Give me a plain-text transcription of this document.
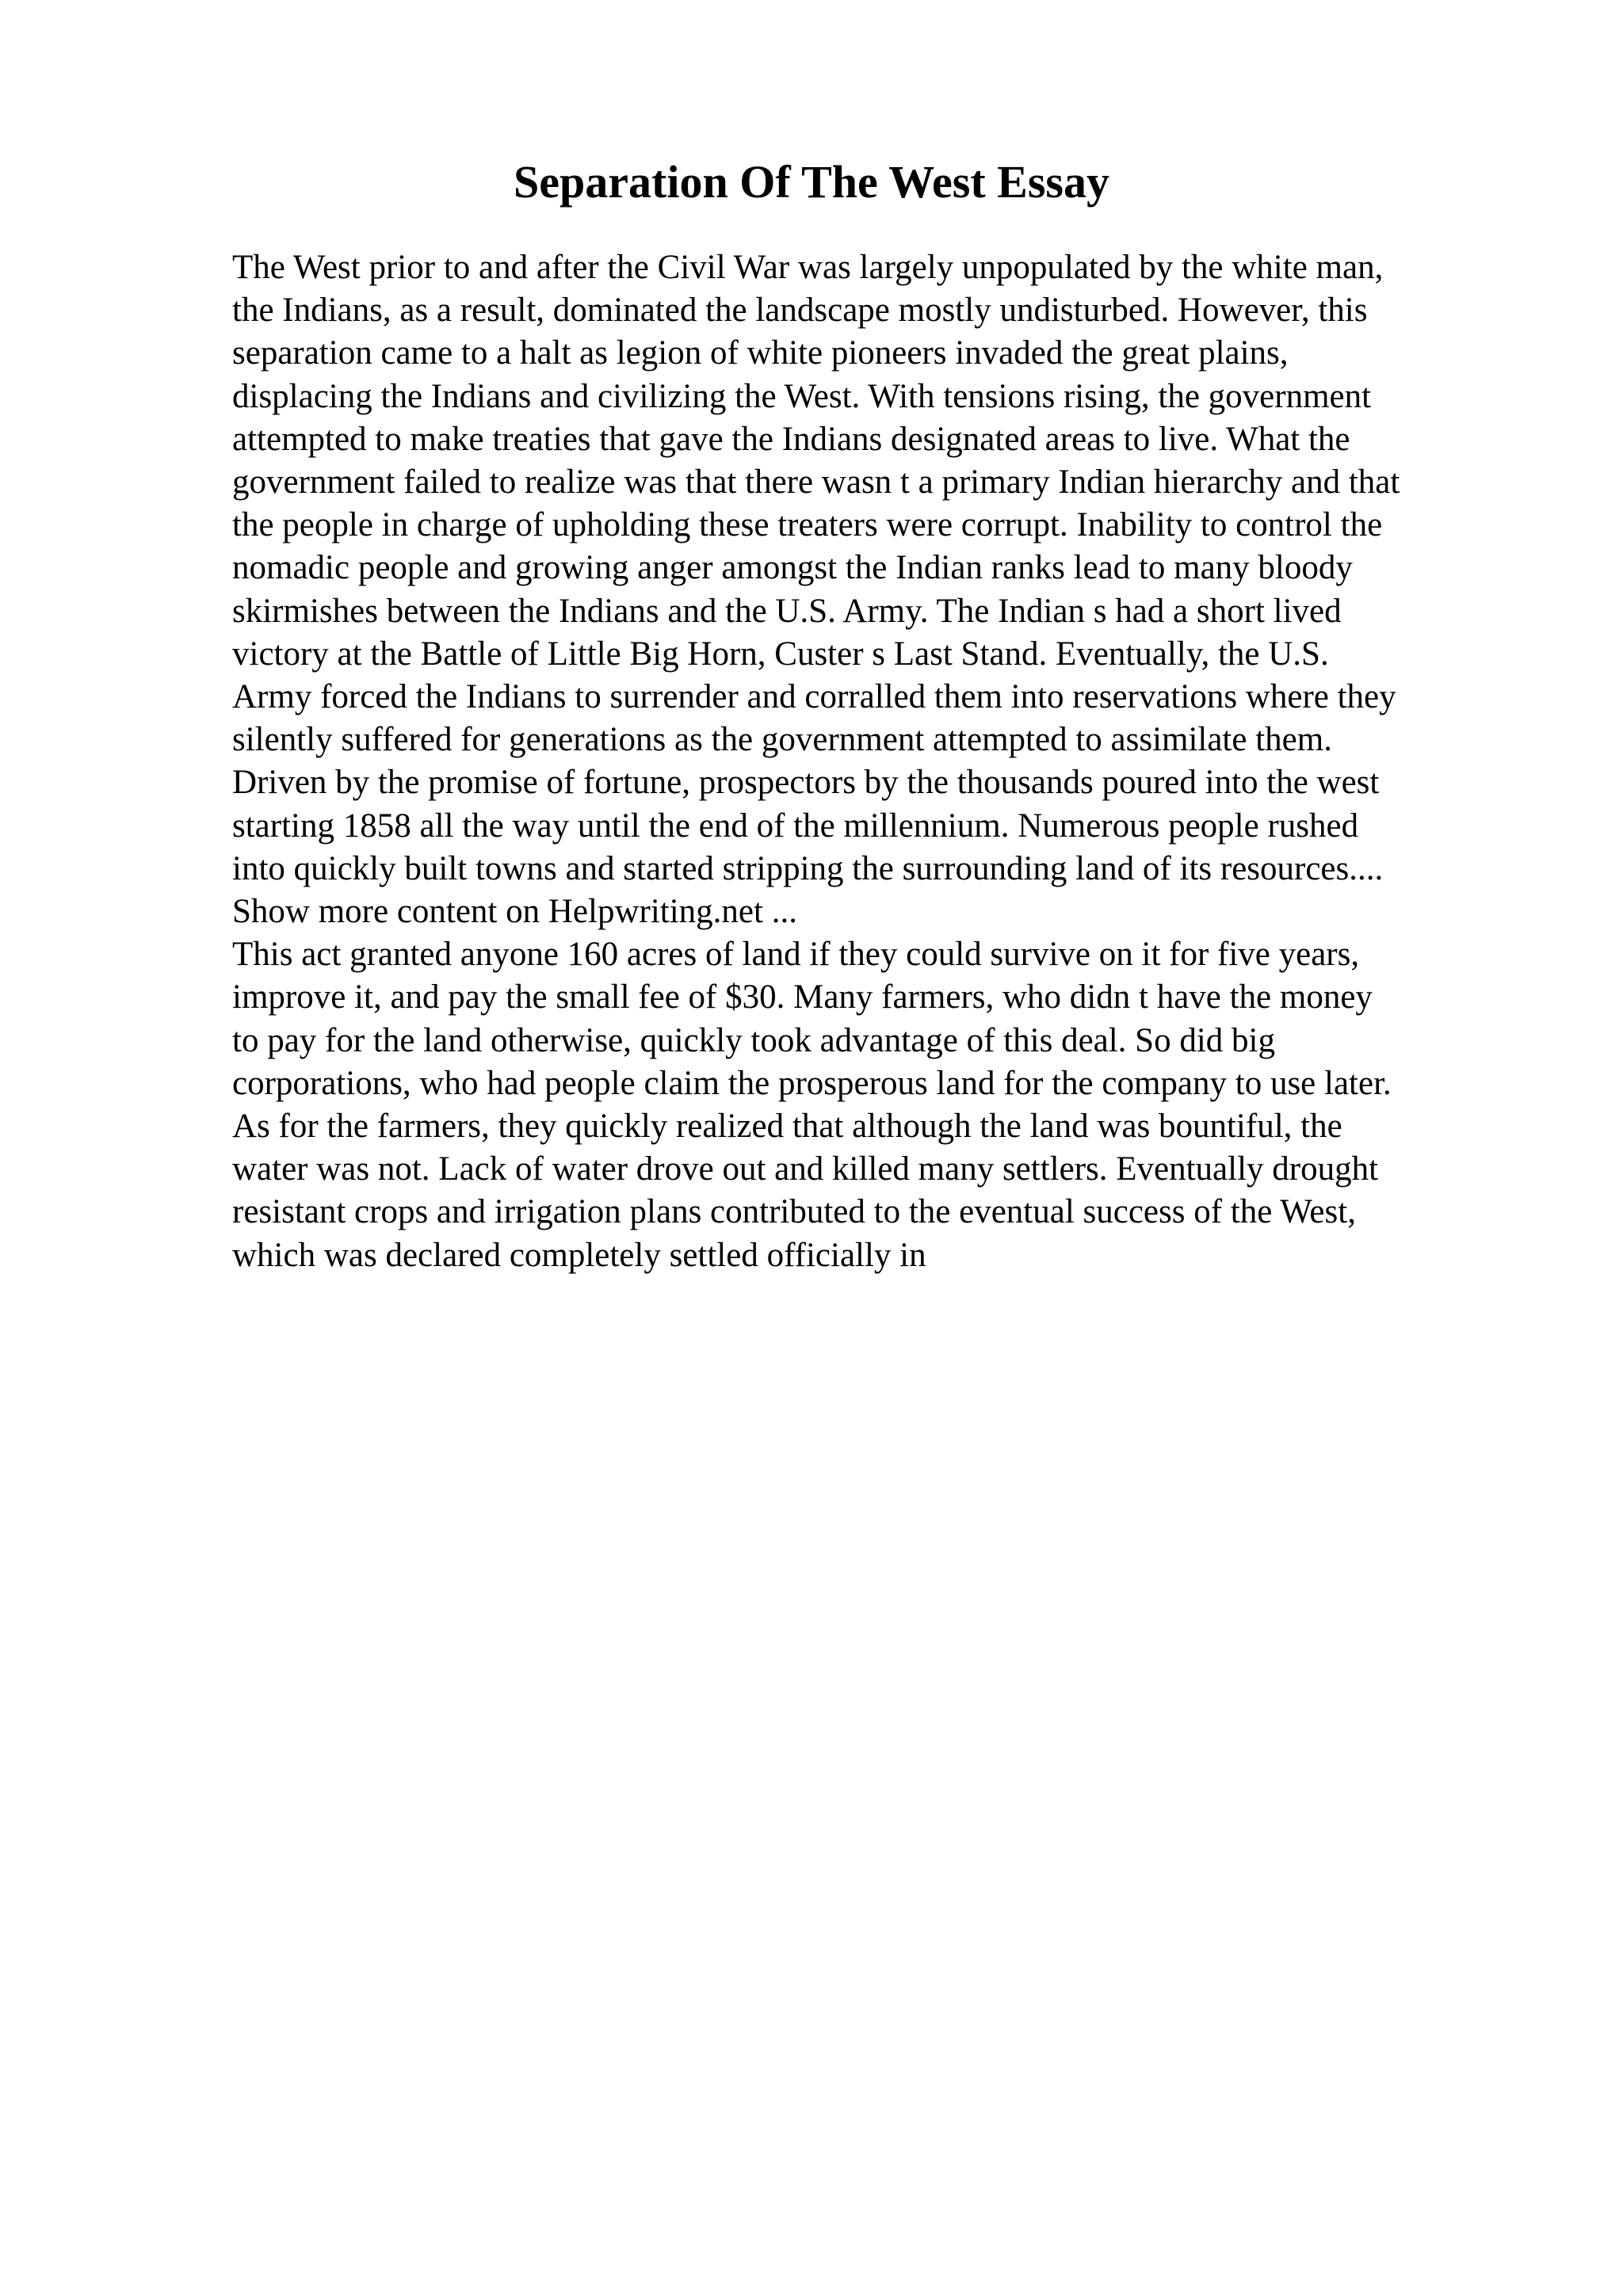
Separation Of The West Essay
The West prior to and after the Civil War was largely unpopulated by the white man,
the Indians, as a result, dominated the landscape mostly undisturbed. However, this
separation came to a halt as legion of white pioneers invaded the great plains,
displacing the Indians and civilizing the West. With tensions rising, the government
attempted to make treaties that gave the Indians designated areas to live. What the
government failed to realize was that there wasn t a primary Indian hierarchy and that
the people in charge of upholding these treaters were corrupt. Inability to control the
nomadic people and growing anger amongst the Indian ranks lead to many bloody
skirmishes between the Indians and the U.S. Army. The Indian s had a short lived
victory at the Battle of Little Big Horn, Custer s Last Stand. Eventually, the U.S.
Army forced the Indians to surrender and corralled them into reservations where they
silently suffered for generations as the government attempted to assimilate them.
Driven by the promise of fortune, prospectors by the thousands poured into the west
starting 1858 all the way until the end of the millennium. Numerous people rushed
into quickly built towns and started stripping the surrounding land of its resources....
Show more content on Helpwriting.net ...
This act granted anyone 160 acres of land if they could survive on it for five years,
improve it, and pay the small fee of $30. Many farmers, who didn t have the money
to pay for the land otherwise, quickly took advantage of this deal. So did big
corporations, who had people claim the prosperous land for the company to use later.
As for the farmers, they quickly realized that although the land was bountiful, the
water was not. Lack of water drove out and killed many settlers. Eventually drought
resistant crops and irrigation plans contributed to the eventual success of the West,
which was declared completely settled officially in
